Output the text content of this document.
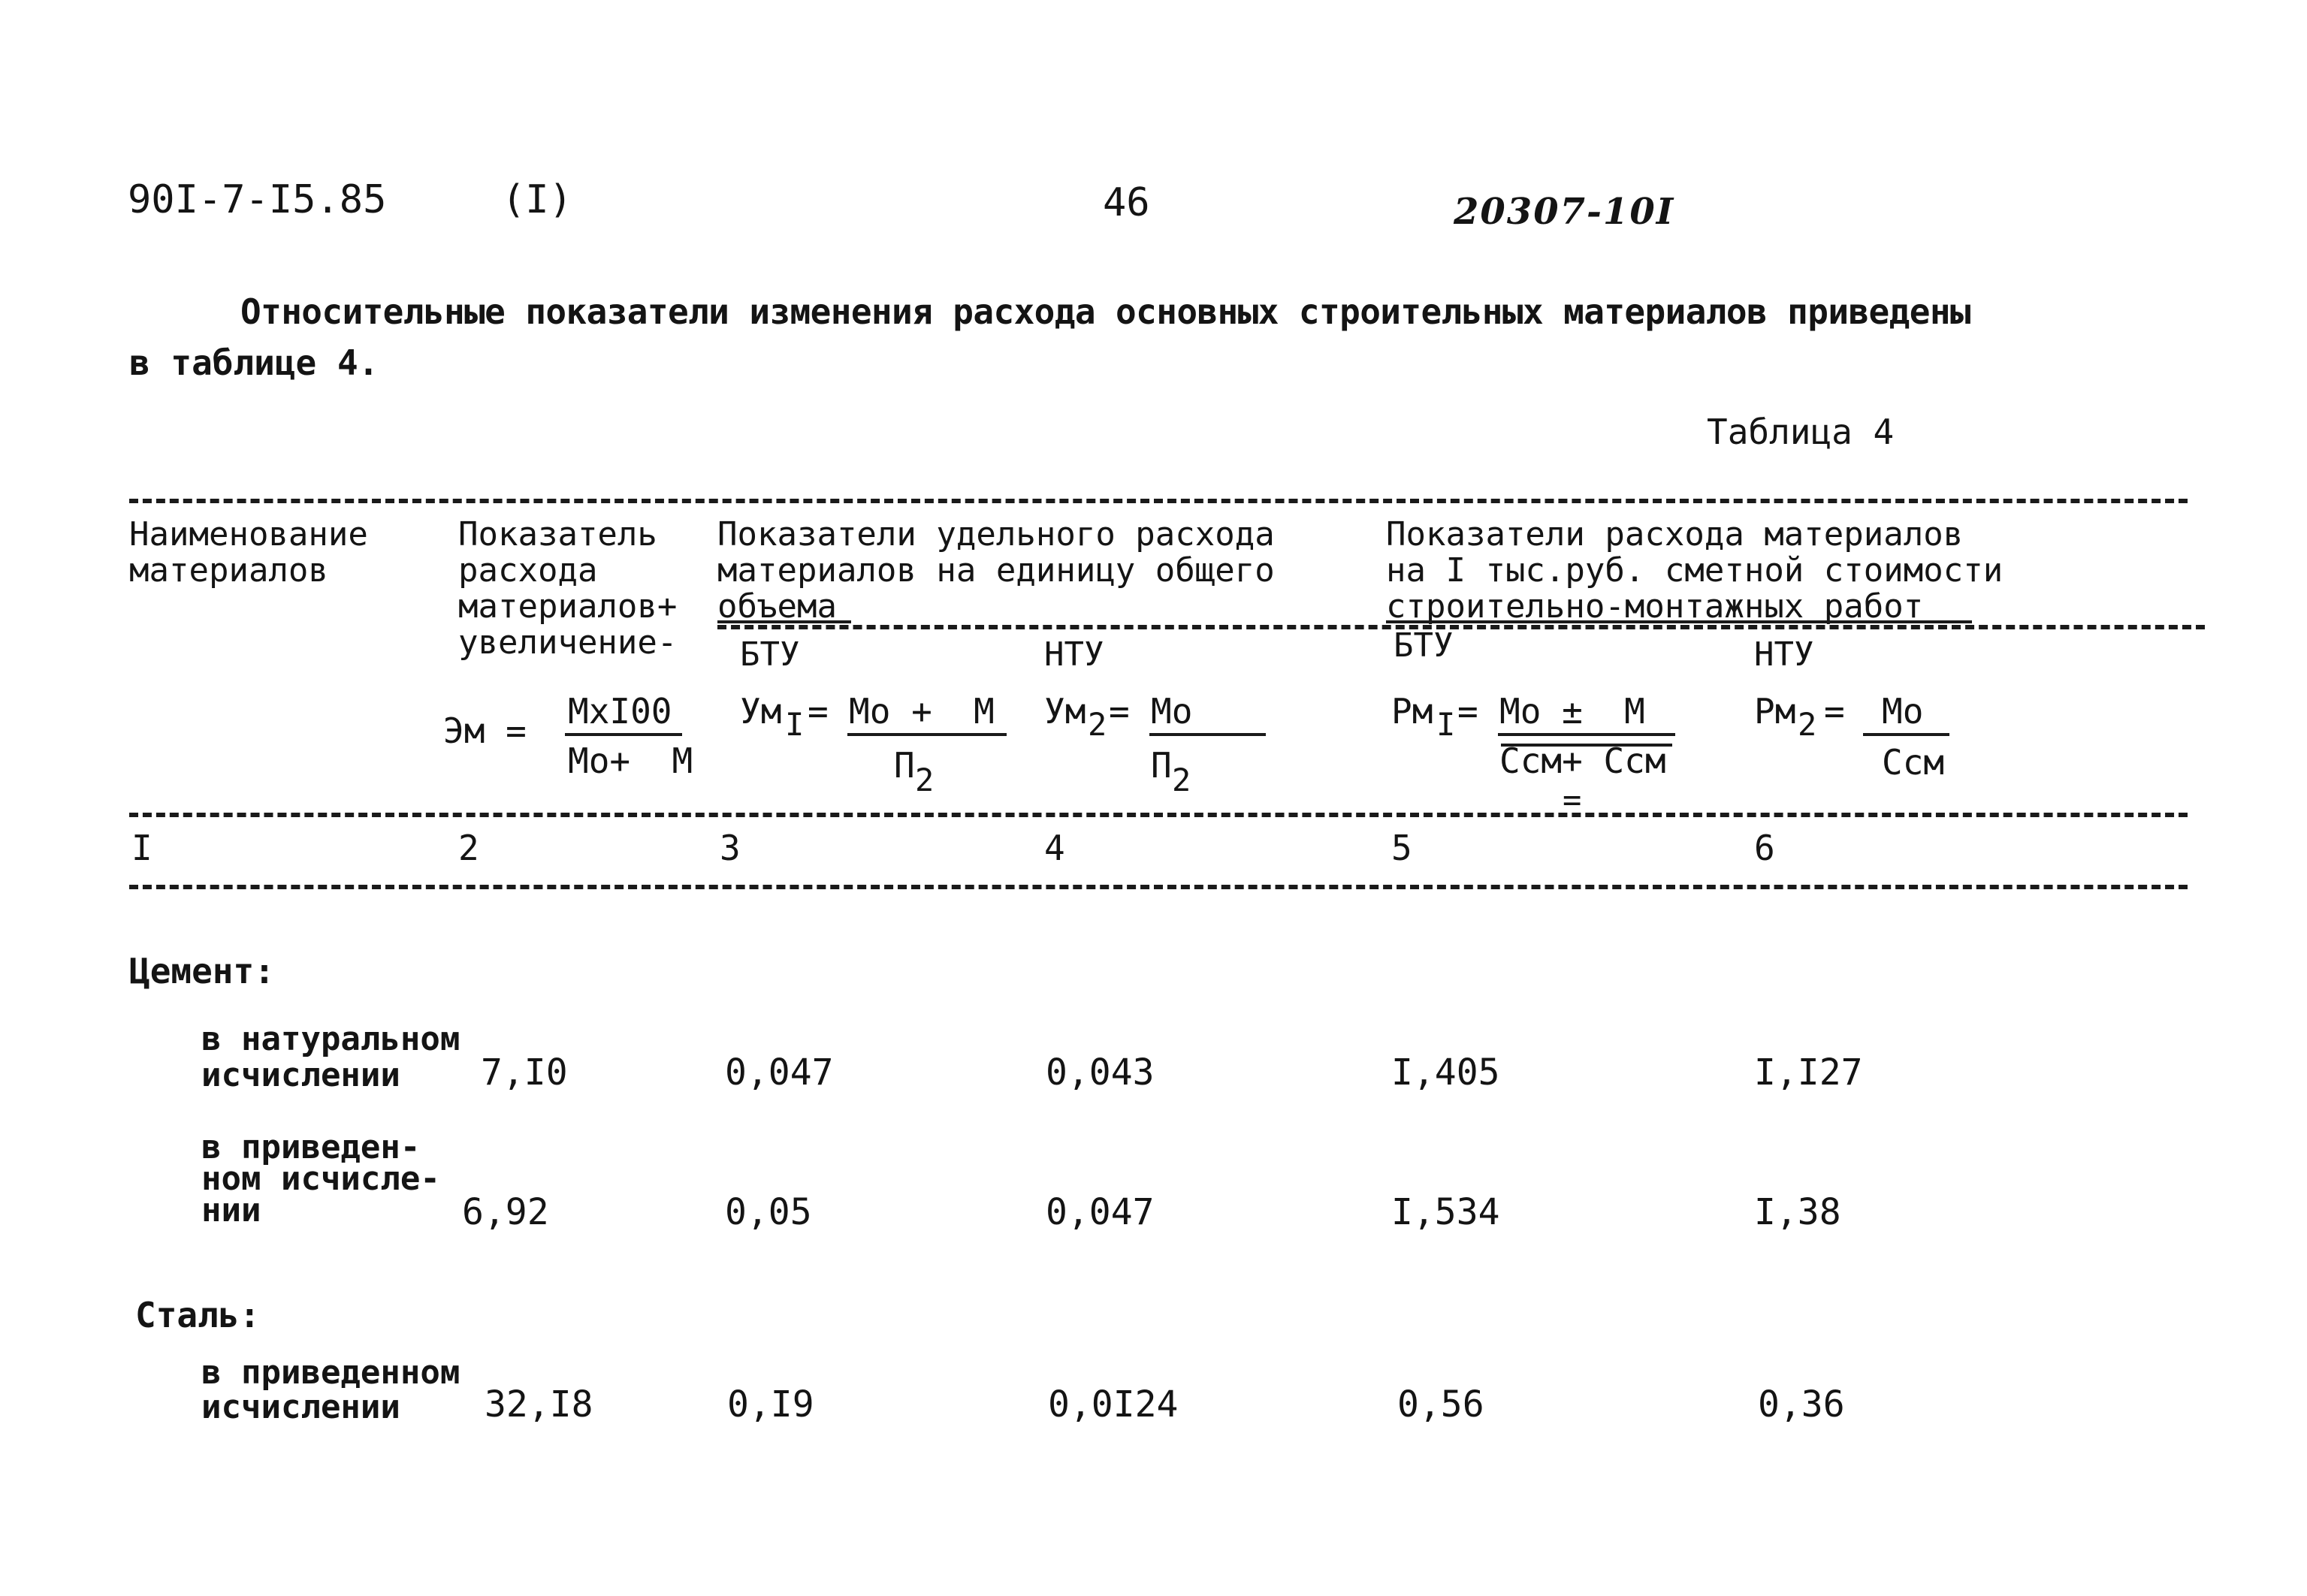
90I-7-I5.85	(I)	46	20307-10I
Относительные показатели изменения расхода основных строительных материалов приведены
в таблице 4.
Таблица 4
Наименование
материалов
Показатель
расхода
материалов+
увеличение-
Показатели удельного расхода
материалов на единицу общего
объема
Показатели расхода материалов
на I тыс.руб. сметной стоимости
строительно-монтажных работ
БТУ	НТУ	БТУ	НТУ
Эм = МхI00
Мо+  М
Ум I = Мо +  М
П 2
Ум 2 = Мо
П 2
Рм I = Мо ±  М
Ссм+ Ссм
=
Рм 2 = Мо
Ссм
I	2	3	4	5	6
Цемент:
в натуральном
исчислении 7,I0	0,047	0,043	I,405	I,I27
в приведен-
ном исчисле-
нии	6,92	0,05	0,047	I,534	I,38
Сталь:
в приведенном
исчислении 32,I8	0,I9	0,0I24	0,56	0,36
